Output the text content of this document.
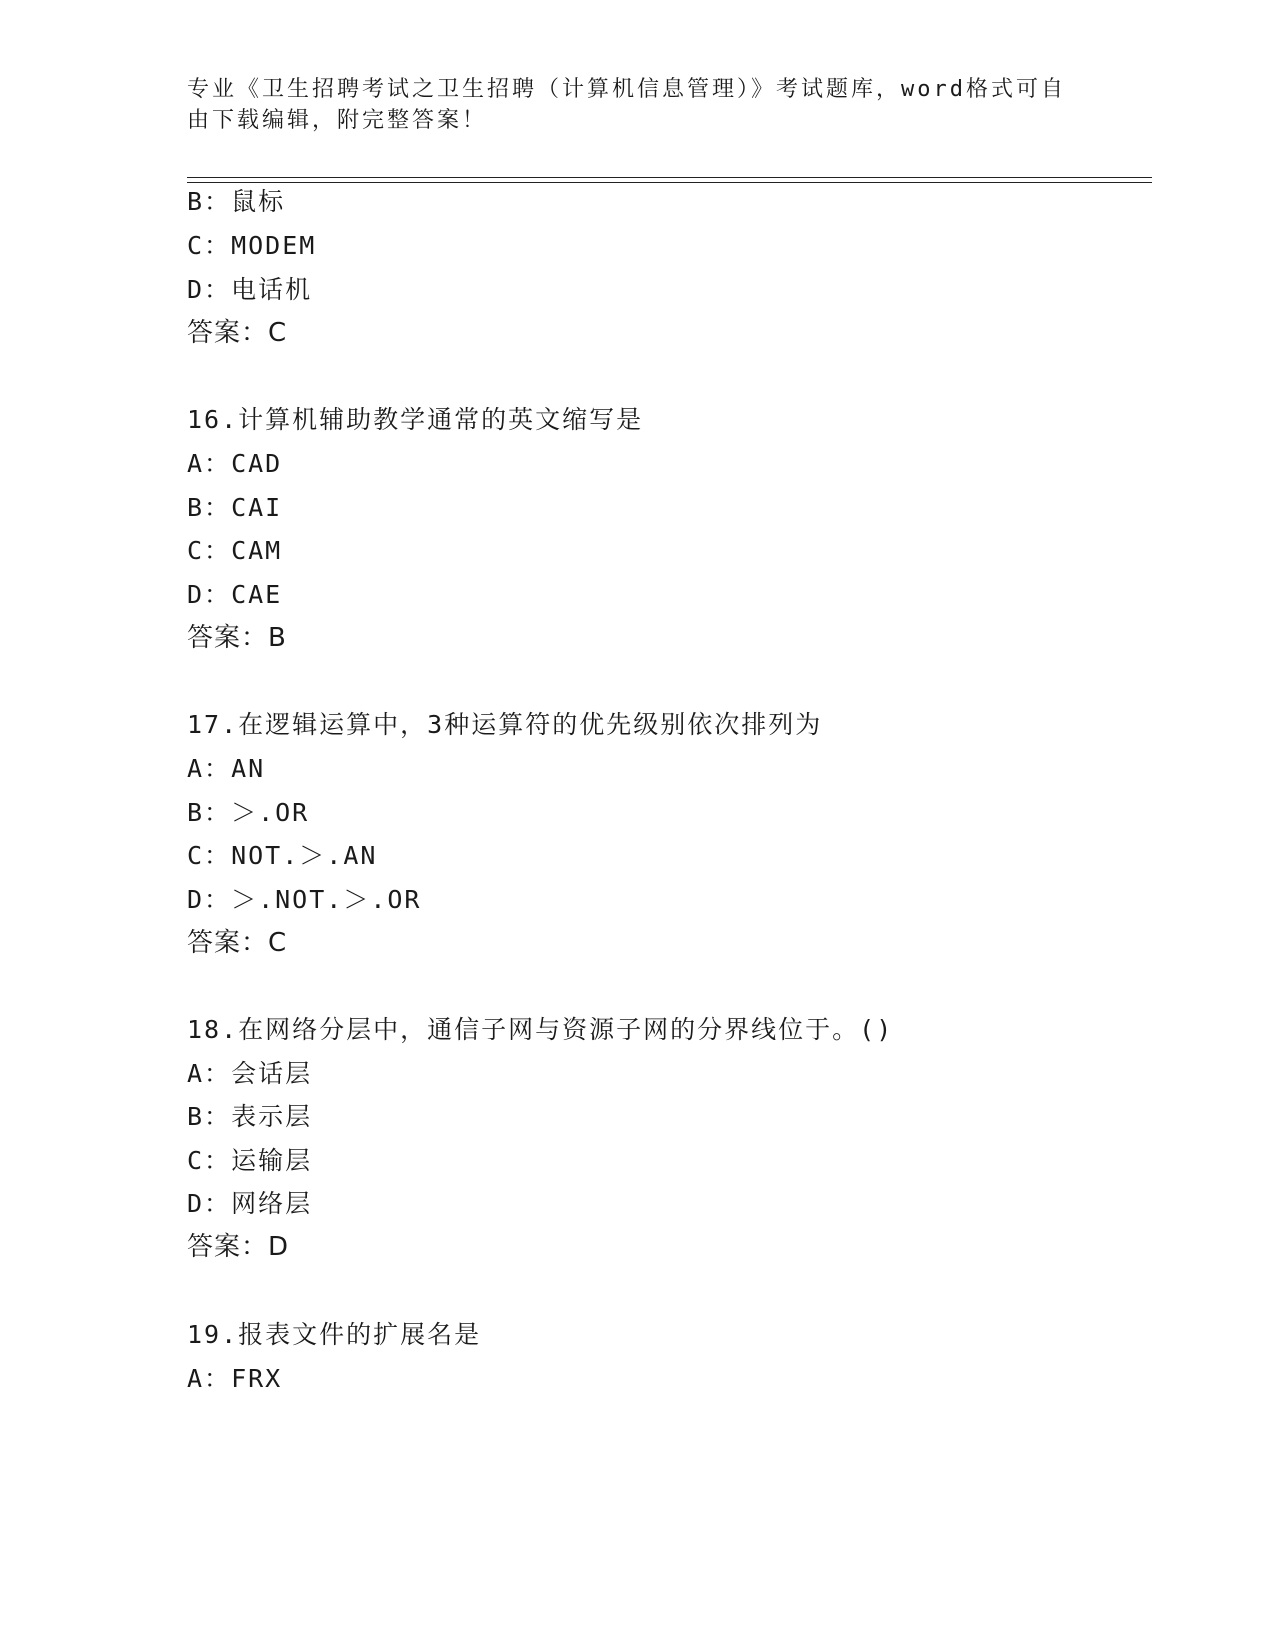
专业《卫生招聘考试之卫生招聘（计算机信息管理）》考试题库，word格式可自
由下载编辑，附完整答案！
B：鼠标
C：MODEM
D：电话机
答案：C
16.计算机辅助教学通常的英文缩写是
A：CAD
B：CAI
C：CAM
D：CAE
答案：B
17.在逻辑运算中，3种运算符的优先级别依次排列为
A：AN
B：＞.OR
C：NOT.＞.AN
D：＞.NOT.＞.OR
答案：C
18.在网络分层中，通信子网与资源子网的分界线位于。()
A：会话层
B：表示层
C：运输层
D：网络层
答案：D
19.报表文件的扩展名是
A：FRX
